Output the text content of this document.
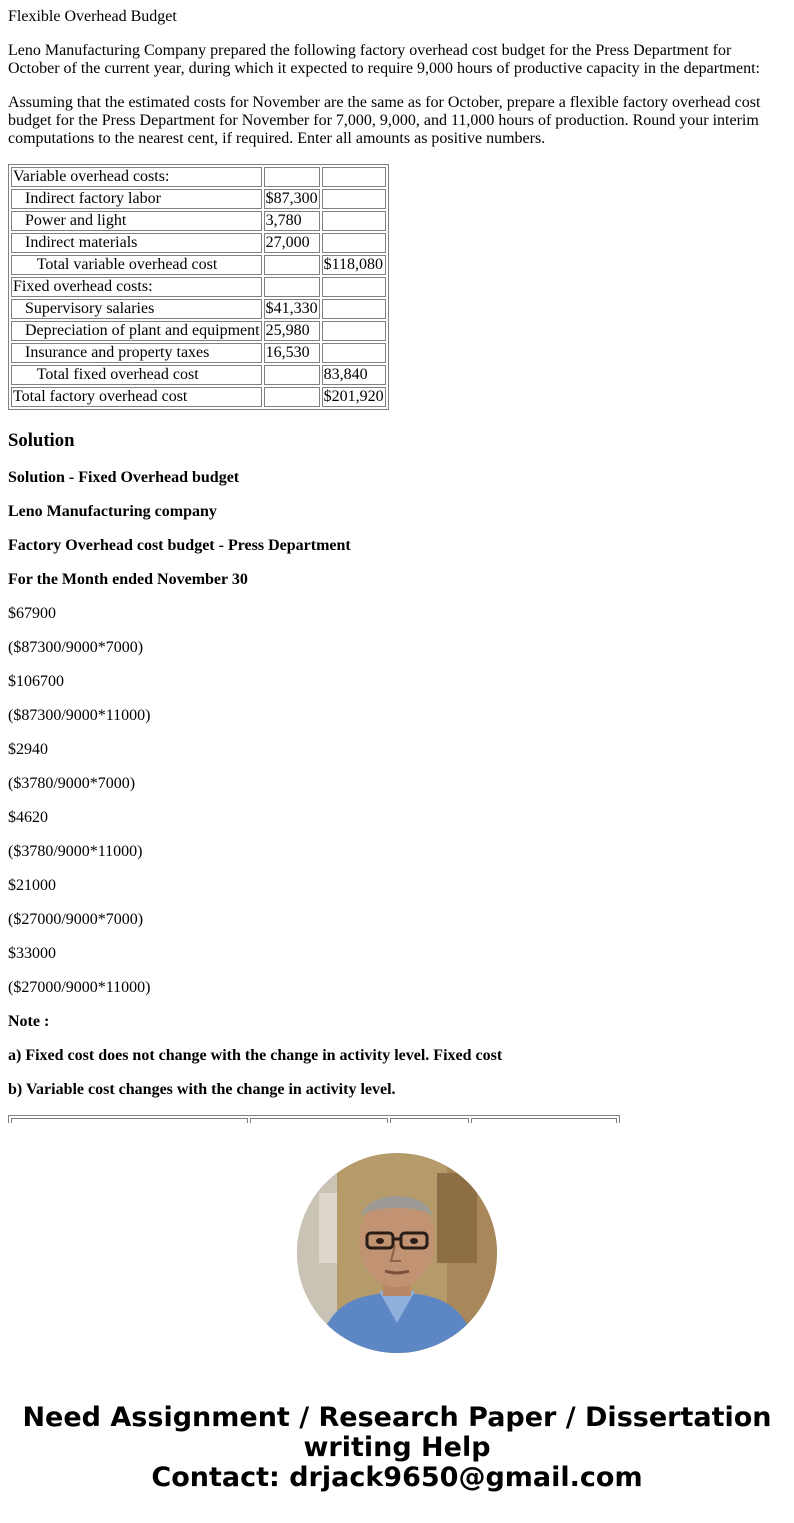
Flexible Overhead Budget

Leno Manufacturing Company prepared the following factory overhead cost budget for the Press Department for October of the current year, during which it expected to require 9,000 hours of productive capacity in the department:

Assuming that the estimated costs for November are the same as for October, prepare a flexible factory overhead cost budget for the Press Department for November for 7,000, 9,000, and 11,000 hours of production. Round your interim computations to the nearest cent, if required. Enter all amounts as positive numbers.

Variable overhead costs:		
Indirect factory labor	$87,300	
Power and light	3,780	
Indirect materials	27,000	
Total variable overhead cost		$118,080
Fixed overhead costs:		
Supervisory salaries	$41,330	
Depreciation of plant and equipment	25,980	
Insurance and property taxes	16,530	
Total fixed overhead cost		83,840
Total factory overhead cost		$201,920
Solution

Solution - Fixed Overhead budget

Leno Manufacturing company

Factory Overhead cost budget - Press Department

For the Month ended November 30

$67900

($87300/9000*7000)

$106700

($87300/9000*11000)

$2940

($3780/9000*7000)

$4620

($3780/9000*11000)

$21000

($27000/9000*7000)

$33000

($27000/9000*11000)

Note :

a) Fixed cost does not change with the change in activity level. Fixed cost

b) Variable cost changes with the change in activity level.

Need Assignment / Research Paper / Dissertation
writing Help
Contact: drjack9650@gmail.com
